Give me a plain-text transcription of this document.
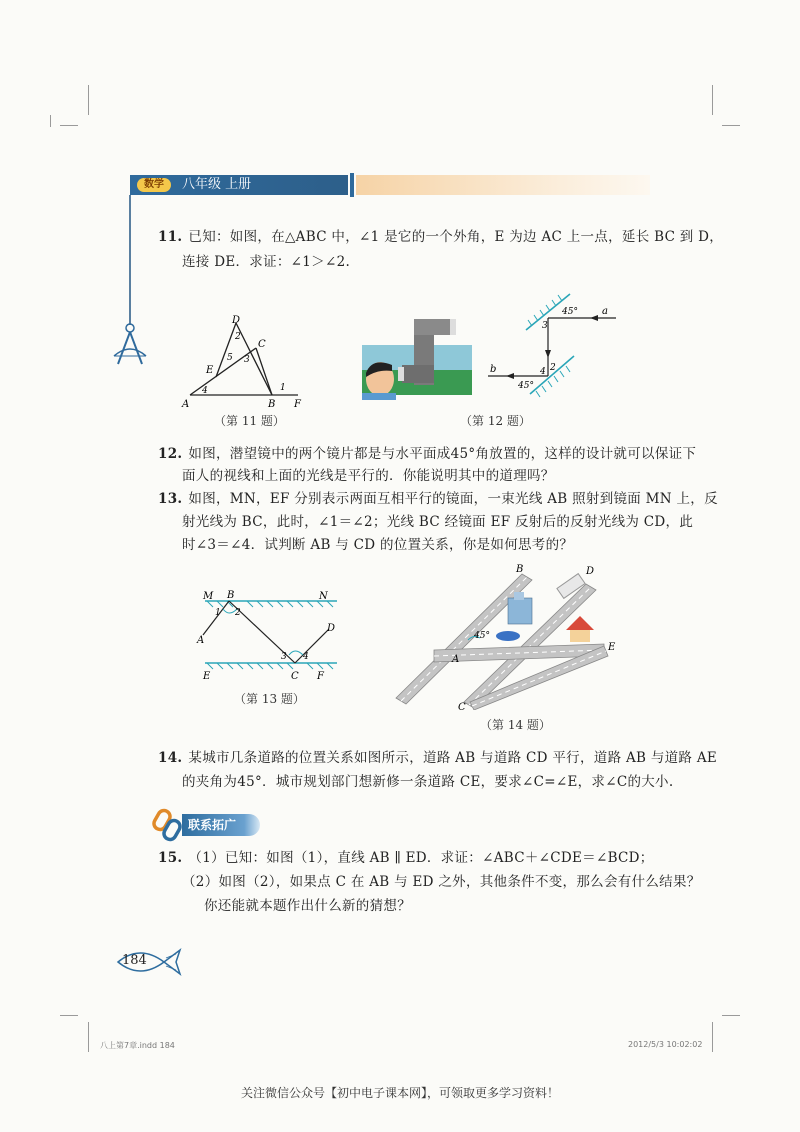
数学	八年级 上册
11. 已知：如图，在△ABC 中，∠1 是它的一个外角，E 为边 AC 上一点，延长 BC 到 D，
连接 DE．求证：∠1＞∠2.
D
2
C
5 3
E
4	1
A	B F
（第 11 题）
3
45° a
b	4 2
45°
（第 12 题）
12. 如图，潜望镜中的两个镜片都是与水平面成45°角放置的，这样的设计就可以保证下
面人的视线和上面的光线是平行的．你能说明其中的道理吗？
13. 如图，MN，EF 分别表示两面互相平行的镜面，一束光线 AB 照射到镜面 MN 上，反
射光线为 BC，此时，∠1＝∠2；光线 BC 经镜面 EF 反射后的反射光线为 CD，此
时∠3＝∠4．试判断 AB 与 CD 的位置关系，你是如何思考的？
M B	N
1 2
A
D
3 4
E	C F
（第 13 题）
B	D
45°
A
E
C
（第 14 题）
14. 某城市几条道路的位置关系如图所示，道路 AB 与道路 CD 平行，道路 AB 与道路 AE
的夹角为45°．城市规划部门想新修一条道路 CE，要求∠C=∠E，求∠C的大小.
联系拓广
15. （1）已知：如图（1），直线 AB ∥ ED．求证：∠ABC＋∠CDE＝∠BCD；
（2）如图（2），如果点 C 在 AB 与 ED 之外，其他条件不变，那么会有什么结果？
你还能就本题作出什么新的猜想？
184
八上第7章.indd 184	2012/5/3 10:02:02
关注微信公众号【初中电子课本网】，可领取更多学习资料！
